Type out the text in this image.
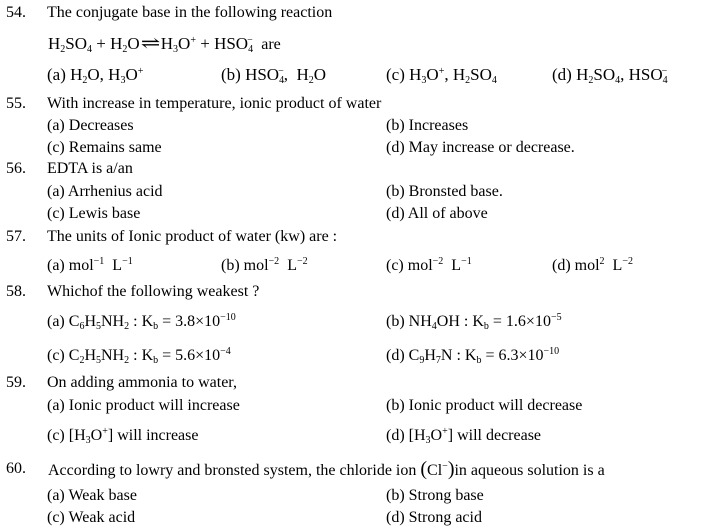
54. The conjugate base in the following reaction
$H_2SO_4$ + $H_2O\rightleftharpoons H_3O^+ + HSO_4^-$ are
(a) $H_2O$, $H_3O^+$	(b) $HSO_4^-$,  $H_2O$	(c) $H_3O^+$, $H_2SO_4$	(d) $H_2SO_4$, $HSO_4^-$
55. With increase in temperature, ionic product of water
(a) Decreases	(b) Increases
(c) Remains same	(d) May increase or decrease.
56. EDTA is a/an
(a) Arrhenius acid	(b) Bronsted base.
(c) Lewis base	(d) All of above
57. The units of Ionic product of water (kw) are :
(a) mol$^{-1}$ $L^{-1}$	(b) mol$^{-2}$ $L^{-2}$	(c) mol$^{-2}$ $L^{-1}$	(d) mol$^2$ $L^{-2}$
58. Whichof the following weakest ?
(a) $C_6H_5NH_2$ : $K_b = 3.8\times 10^{-10}$	(b) $NH_4OH$ : $K_b = 1.6\times 10^{-5}$
(c) $C_2H_5NH_2$ : $K_b = 5.6\times 10^{-4}$	(d) $C_9H_7N$ : $K_b = 6.3\times 10^{-10}$
59. On adding ammonia to water,
(a) Ionic product will increase	(b) Ionic product will decrease
(c) $[H_3O^+]$ will increase	(d) $[H_3O^+]$ will decrease
60. According to lowry and bronsted system, the chloride ion (Cl−)in aqueous solution is a
(a) Weak base	(b) Strong base
(c) Weak acid	(d) Strong acid
